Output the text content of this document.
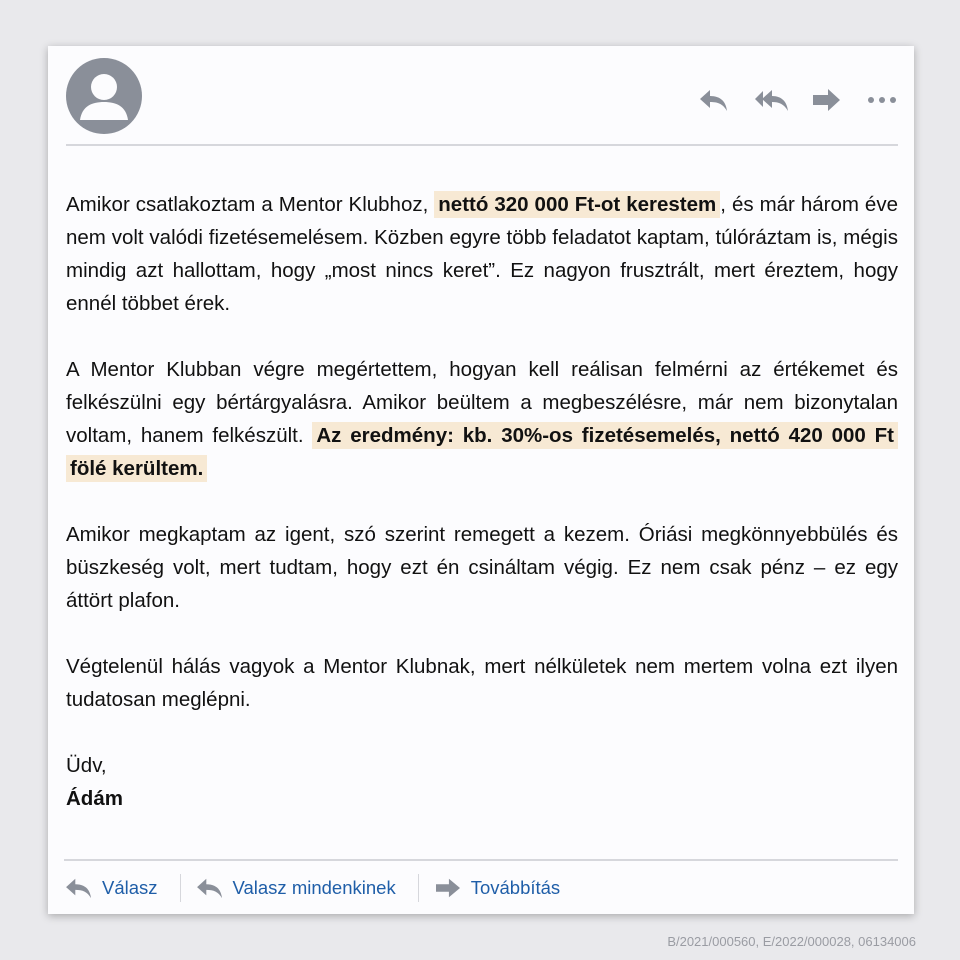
Amikor csatlakoztam a Mentor Klubhoz, nettó 320 000 Ft-ot kerestem , és már három éve nem volt valódi fizetésemelésem. Közben egyre több feladatot kaptam, túlóráztam is, mégis mindig azt hallottam, hogy „most nincs keret”. Ez nagyon frusztrált, mert éreztem, hogy ennél többet érek.

A Mentor Klubban végre megértettem, hogyan kell reálisan felmérni az értékemet és felkészülni egy bértárgyalásra. Amikor beültem a megbeszélésre, már nem bizonytalan voltam, hanem felkészült. Az eredmény: kb. 30%-os fizetésemelés, nettó 420 000 Ft fölé kerültem.

Amikor megkaptam az igent, szó szerint remegett a kezem. Óriási megkönnyebbülés és büszkeség volt, mert tudtam, hogy ezt én csináltam végig. Ez nem csak pénz – ez egy áttört plafon.

Végtelenül hálás vagyok a Mentor Klubnak, mert nélkületek nem mertem volna ezt ilyen tudatosan meglépni.

Üdv,
Ádám
Válasz	Valasz mindenkinek	Továbbítás
B/2021/000560, E/2022/000028, 06134006
